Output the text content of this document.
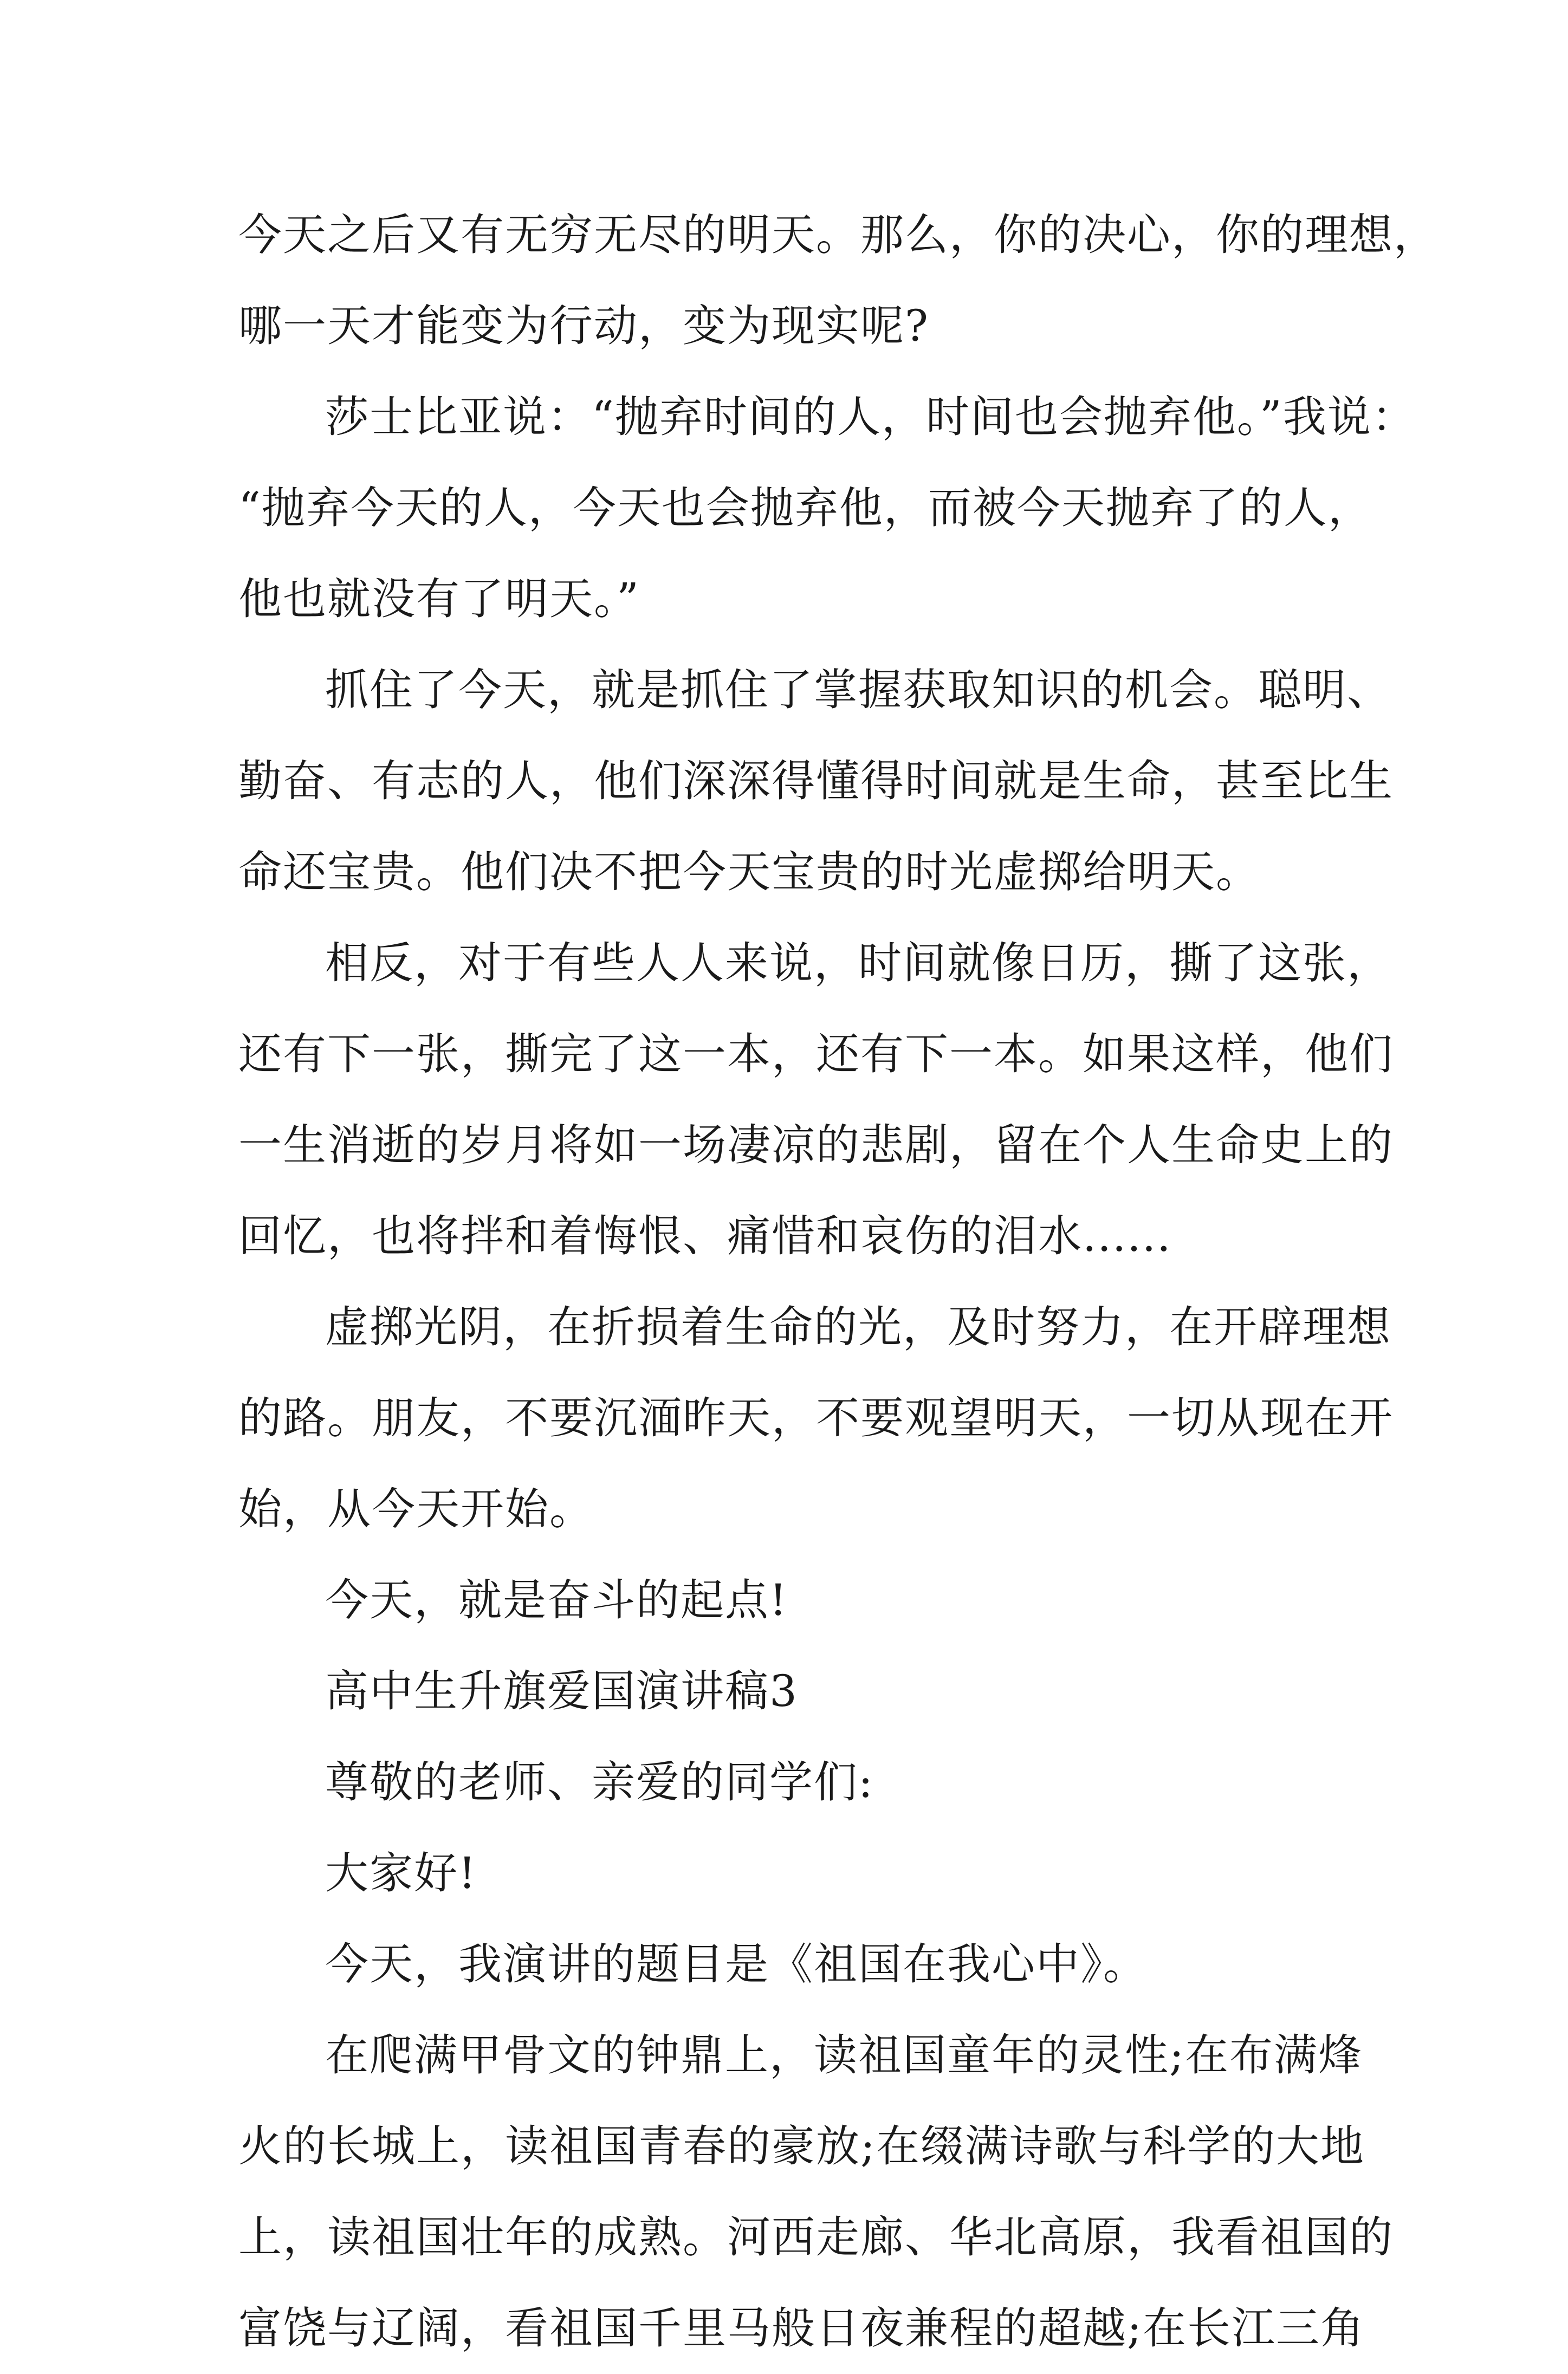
今天之后又有无穷无尽的明天。那么，你的决心，你的理想，
哪一天才能变为行动，变为现实呢?
莎士比亚说：“抛弃时间的人，时间也会抛弃他。”我说：
“抛弃今天的人，今天也会抛弃他，而被今天抛弃了的人，
他也就没有了明天。”
抓住了今天，就是抓住了掌握获取知识的机会。聪明、
勤奋、有志的人，他们深深得懂得时间就是生命，甚至比生
命还宝贵。他们决不把今天宝贵的时光虚掷给明天。
相反，对于有些人人来说，时间就像日历，撕了这张，
还有下一张，撕完了这一本，还有下一本。如果这样，他们
一生消逝的岁月将如一场凄凉的悲剧，留在个人生命史上的
回忆，也将拌和着悔恨、痛惜和哀伤的泪水......
虚掷光阴，在折损着生命的光，及时努力，在开辟理想
的路。朋友，不要沉湎昨天，不要观望明天，一切从现在开
始，从今天开始。
今天，就是奋斗的起点!
高中生升旗爱国演讲稿3
尊敬的老师、亲爱的同学们:
大家好!
今天，我演讲的题目是《祖国在我心中》。
在爬满甲骨文的钟鼎上，读祖国童年的灵性;在布满烽
火的长城上，读祖国青春的豪放;在缀满诗歌与科学的大地
上，读祖国壮年的成熟。河西走廊、华北高原，我看祖国的
富饶与辽阔，看祖国千里马般日夜兼程的超越;在长江三角
